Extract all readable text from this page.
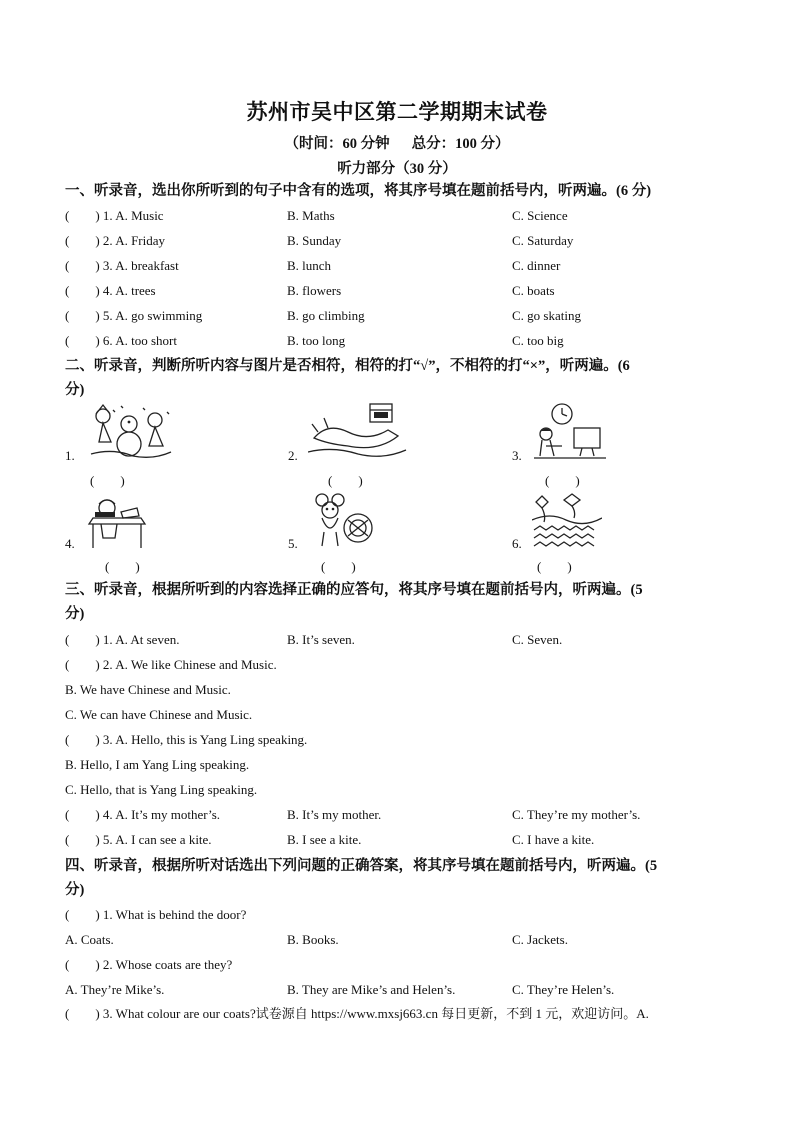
苏州市吴中区第二学期期末试卷
（时间：60 分钟 总分：100 分）
听力部分（30 分）
一、听录音，选出你所听到的句子中含有的选项，将其序号填在题前括号内，听两遍。(6 分)
(　　) 1. A. Music	B. Maths	C. Science
(　　) 2. A. Friday	B. Sunday	C. Saturday
(　　) 3. A. breakfast	B. lunch	C. dinner
(　　) 4. A. trees	B. flowers	C. boats
(　　) 5. A. go swimming	B. go climbing	C. go skating
(　　) 6. A. too short	B. too long	C. too big
二、听录音，判断所听内容与图片是否相符，相符的打“√”，不相符的打“×”，听两遍。(6
分)
1.
(　　)
2.
(　　)
3.
(　　)
4.
(　　)
5.
(　　)
6.
(　　)
三、听录音，根据所听到的内容选择正确的应答句，将其序号填在题前括号内，听两遍。(5
分)
(　　) 1. A. At seven.	B. It’s seven.	C. Seven.
(　　) 2. A. We like Chinese and Music.
B. We have Chinese and Music.
C. We can have Chinese and Music.
(　　) 3. A. Hello, this is Yang Ling speaking.
B. Hello, I am Yang Ling speaking.
C. Hello, that is Yang Ling speaking.
(　　) 4. A. It’s my mother’s.	B. It’s my mother.	C. They’re my mother’s.
(　　) 5. A. I can see a kite.	B. I see a kite.	C. I have a kite.
四、听录音，根据所听对话选出下列问题的正确答案，将其序号填在题前括号内，听两遍。(5
分)
(　　) 1. What is behind the door?
A. Coats.	B. Books.	C. Jackets.
(　　) 2. Whose coats are they?
A. They’re Mike’s.	B. They are Mike’s and Helen’s.	C. They’re Helen’s.
(　　) 3. What colour are our coats?试卷源自 https://www.mxsj663.cn 每日更新，不到 1 元，欢迎访问。A.
